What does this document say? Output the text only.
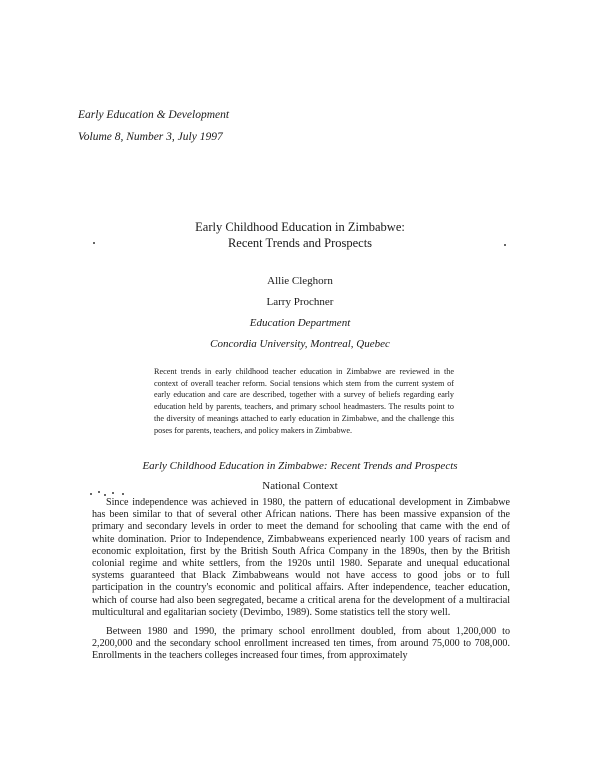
Early Education & Development
Volume 8, Number 3, July 1997
Early Childhood Education in Zimbabwe:
Recent Trends and Prospects
Allie Cleghorn
Larry Prochner
Education Department
Concordia University, Montreal, Quebec
Recent trends in early childhood teacher education in Zimbabwe are reviewed in the context of overall teacher reform. Social tensions which stem from the current system of early education and care are described, together with a survey of beliefs regarding early education held by parents, teachers, and primary school headmasters. The results point to the diversity of meanings attached to early education in Zimbabwe, and the challenge this poses for parents, teachers, and policy makers in Zimbabwe.
Early Childhood Education in Zimbabwe: Recent Trends and Prospects
National Context

Since independence was achieved in 1980, the pattern of educational development in Zimbabwe has been similar to that of several other African nations. There has been massive expansion of the primary and secondary levels in order to meet the demand for schooling that came with the end of white domination. Prior to Independence, Zimbabweans experienced nearly 100 years of racism and economic exploitation, first by the British South Africa Company in the 1890s, then by the British colonial regime and white settlers, from the 1920s until 1980. Separate and unequal educational systems guaranteed that Black Zimbabweans would not have access to good jobs or to full participation in the country's economic and political affairs. After independence, teacher education, which of course had also been segregated, became a critical arena for the development of a multiracial multicultural and egalitarian society (Devimbo, 1989). Some statistics tell the story well.

Between 1980 and 1990, the primary school enrollment doubled, from about 1,200,000 to 2,200,000 and the secondary school enrollment increased ten times, from around 75,000 to 708,000. Enrollments in the teachers colleges increased four times, from approximately
